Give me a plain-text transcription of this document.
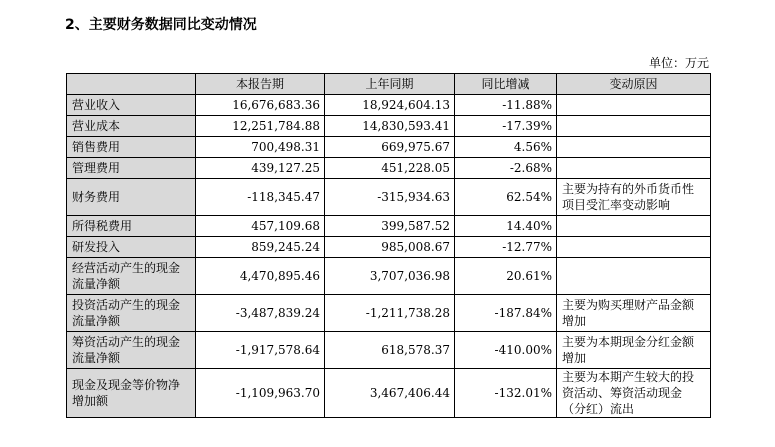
2、主要财务数据同比变动情况
单位：万元
	本报告期	上年同期	同比增减	变动原因
营业收入	16,676,683.36	18,924,604.13	-11.88%	
营业成本	12,251,784.88	14,830,593.41	-17.39%	
销售费用	700,498.31	669,975.67	4.56%	
管理费用	439,127.25	451,228.05	-2.68%	
财务费用	-118,345.47	-315,934.63	62.54%	主要为持有的外币货币性项目受汇率变动影响
所得税费用	457,109.68	399,587.52	14.40%	
研发投入	859,245.24	985,008.67	-12.77%	
经营活动产生的现金流量净额	4,470,895.46	3,707,036.98	20.61%	
投资活动产生的现金流量净额	-3,487,839.24	-1,211,738.28	-187.84%	主要为购买理财产品金额增加
筹资活动产生的现金流量净额	-1,917,578.64	618,578.37	-410.00%	主要为本期现金分红金额增加
现金及现金等价物净增加额	-1,109,963.70	3,467,406.44	-132.01%	主要为本期产生较大的投资活动、筹资活动现金（分红）流出
